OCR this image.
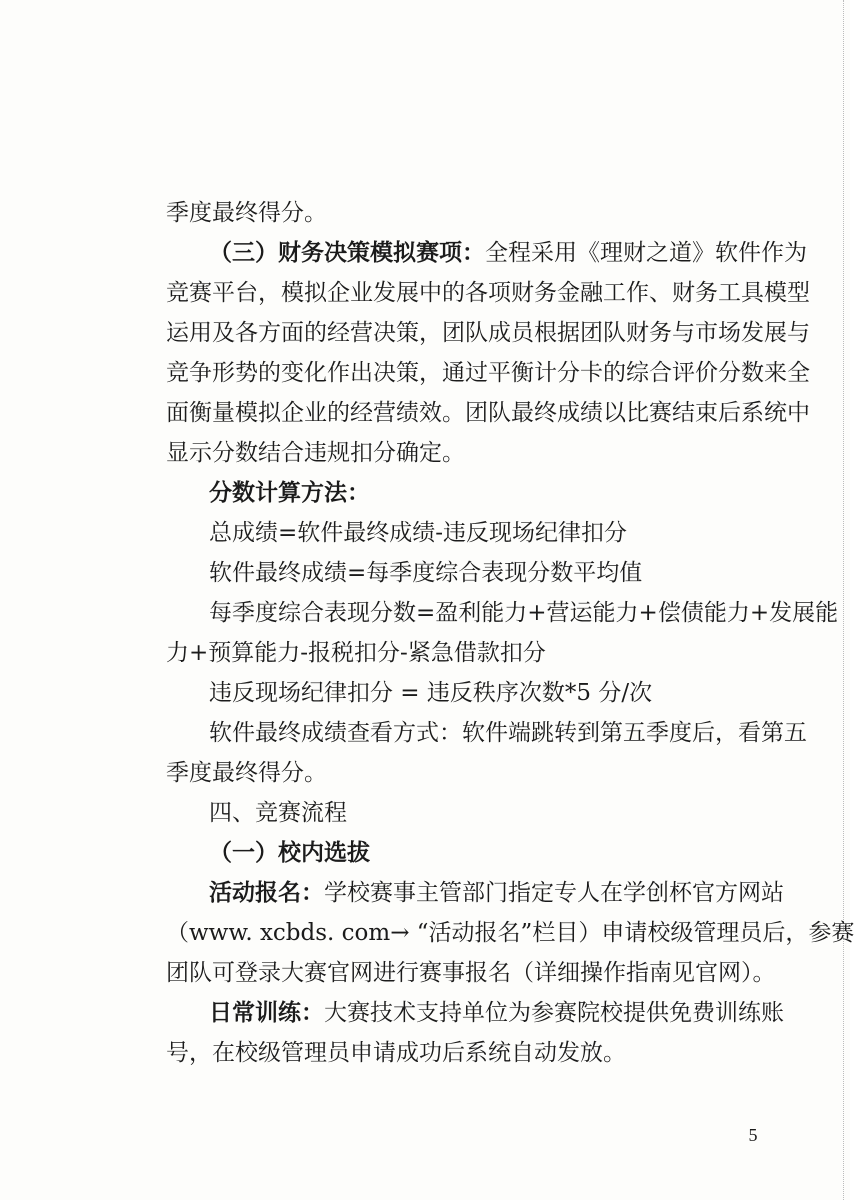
季度最终得分。
（三）财务决策模拟赛项：全程采用《理财之道》软件作为
竞赛平台，模拟企业发展中的各项财务金融工作、财务工具模型
运用及各方面的经营决策，团队成员根据团队财务与市场发展与
竞争形势的变化作出决策，通过平衡计分卡的综合评价分数来全
面衡量模拟企业的经营绩效。团队最终成绩以比赛结束后系统中
显示分数结合违规扣分确定。
分数计算方法：
总成绩=软件最终成绩-违反现场纪律扣分
软件最终成绩=每季度综合表现分数平均值
每季度综合表现分数=盈利能力+营运能力+偿债能力+发展能
力+预算能力-报税扣分-紧急借款扣分
违反现场纪律扣分 = 违反秩序次数*5 分/次
软件最终成绩查看方式：软件端跳转到第五季度后，看第五
季度最终得分。
四、竞赛流程
（一）校内选拔
活动报名：学校赛事主管部门指定专人在学创杯官方网站
（www. xcbds. com→ “活动报名”栏目）申请校级管理员后，参赛
团队可登录大赛官网进行赛事报名（详细操作指南见官网）。
日常训练：大赛技术支持单位为参赛院校提供免费训练账
号，在校级管理员申请成功后系统自动发放。
5
